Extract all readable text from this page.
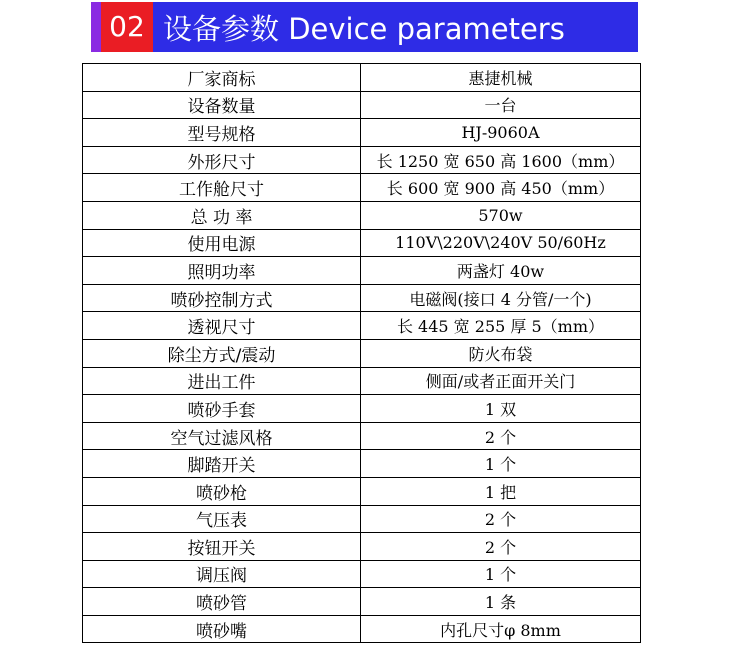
02 设备参数 Device parameters
厂家商标	惠捷机械
设备数量	一台
型号规格	HJ-9060A
外形尺寸	长 1250 宽 650 高 1600（mm）
工作舱尺寸	长 600 宽 900 高 450（mm）
总 功 率	570w
使用电源	110V\220V\240V 50/60Hz
照明功率	两盏灯 40w
喷砂控制方式	电磁阀(接口 4 分管/一个)
透视尺寸	长 445 宽 255 厚 5（mm）
除尘方式/震动	防火布袋
进出工件	侧面/或者正面开关门
喷砂手套	1 双
空气过滤风格	2 个
脚踏开关	1 个
喷砂枪	1 把
气压表	2 个
按钮开关	2 个
调压阀	1 个
喷砂管	1 条
喷砂嘴	内孔尺寸φ 8mm
